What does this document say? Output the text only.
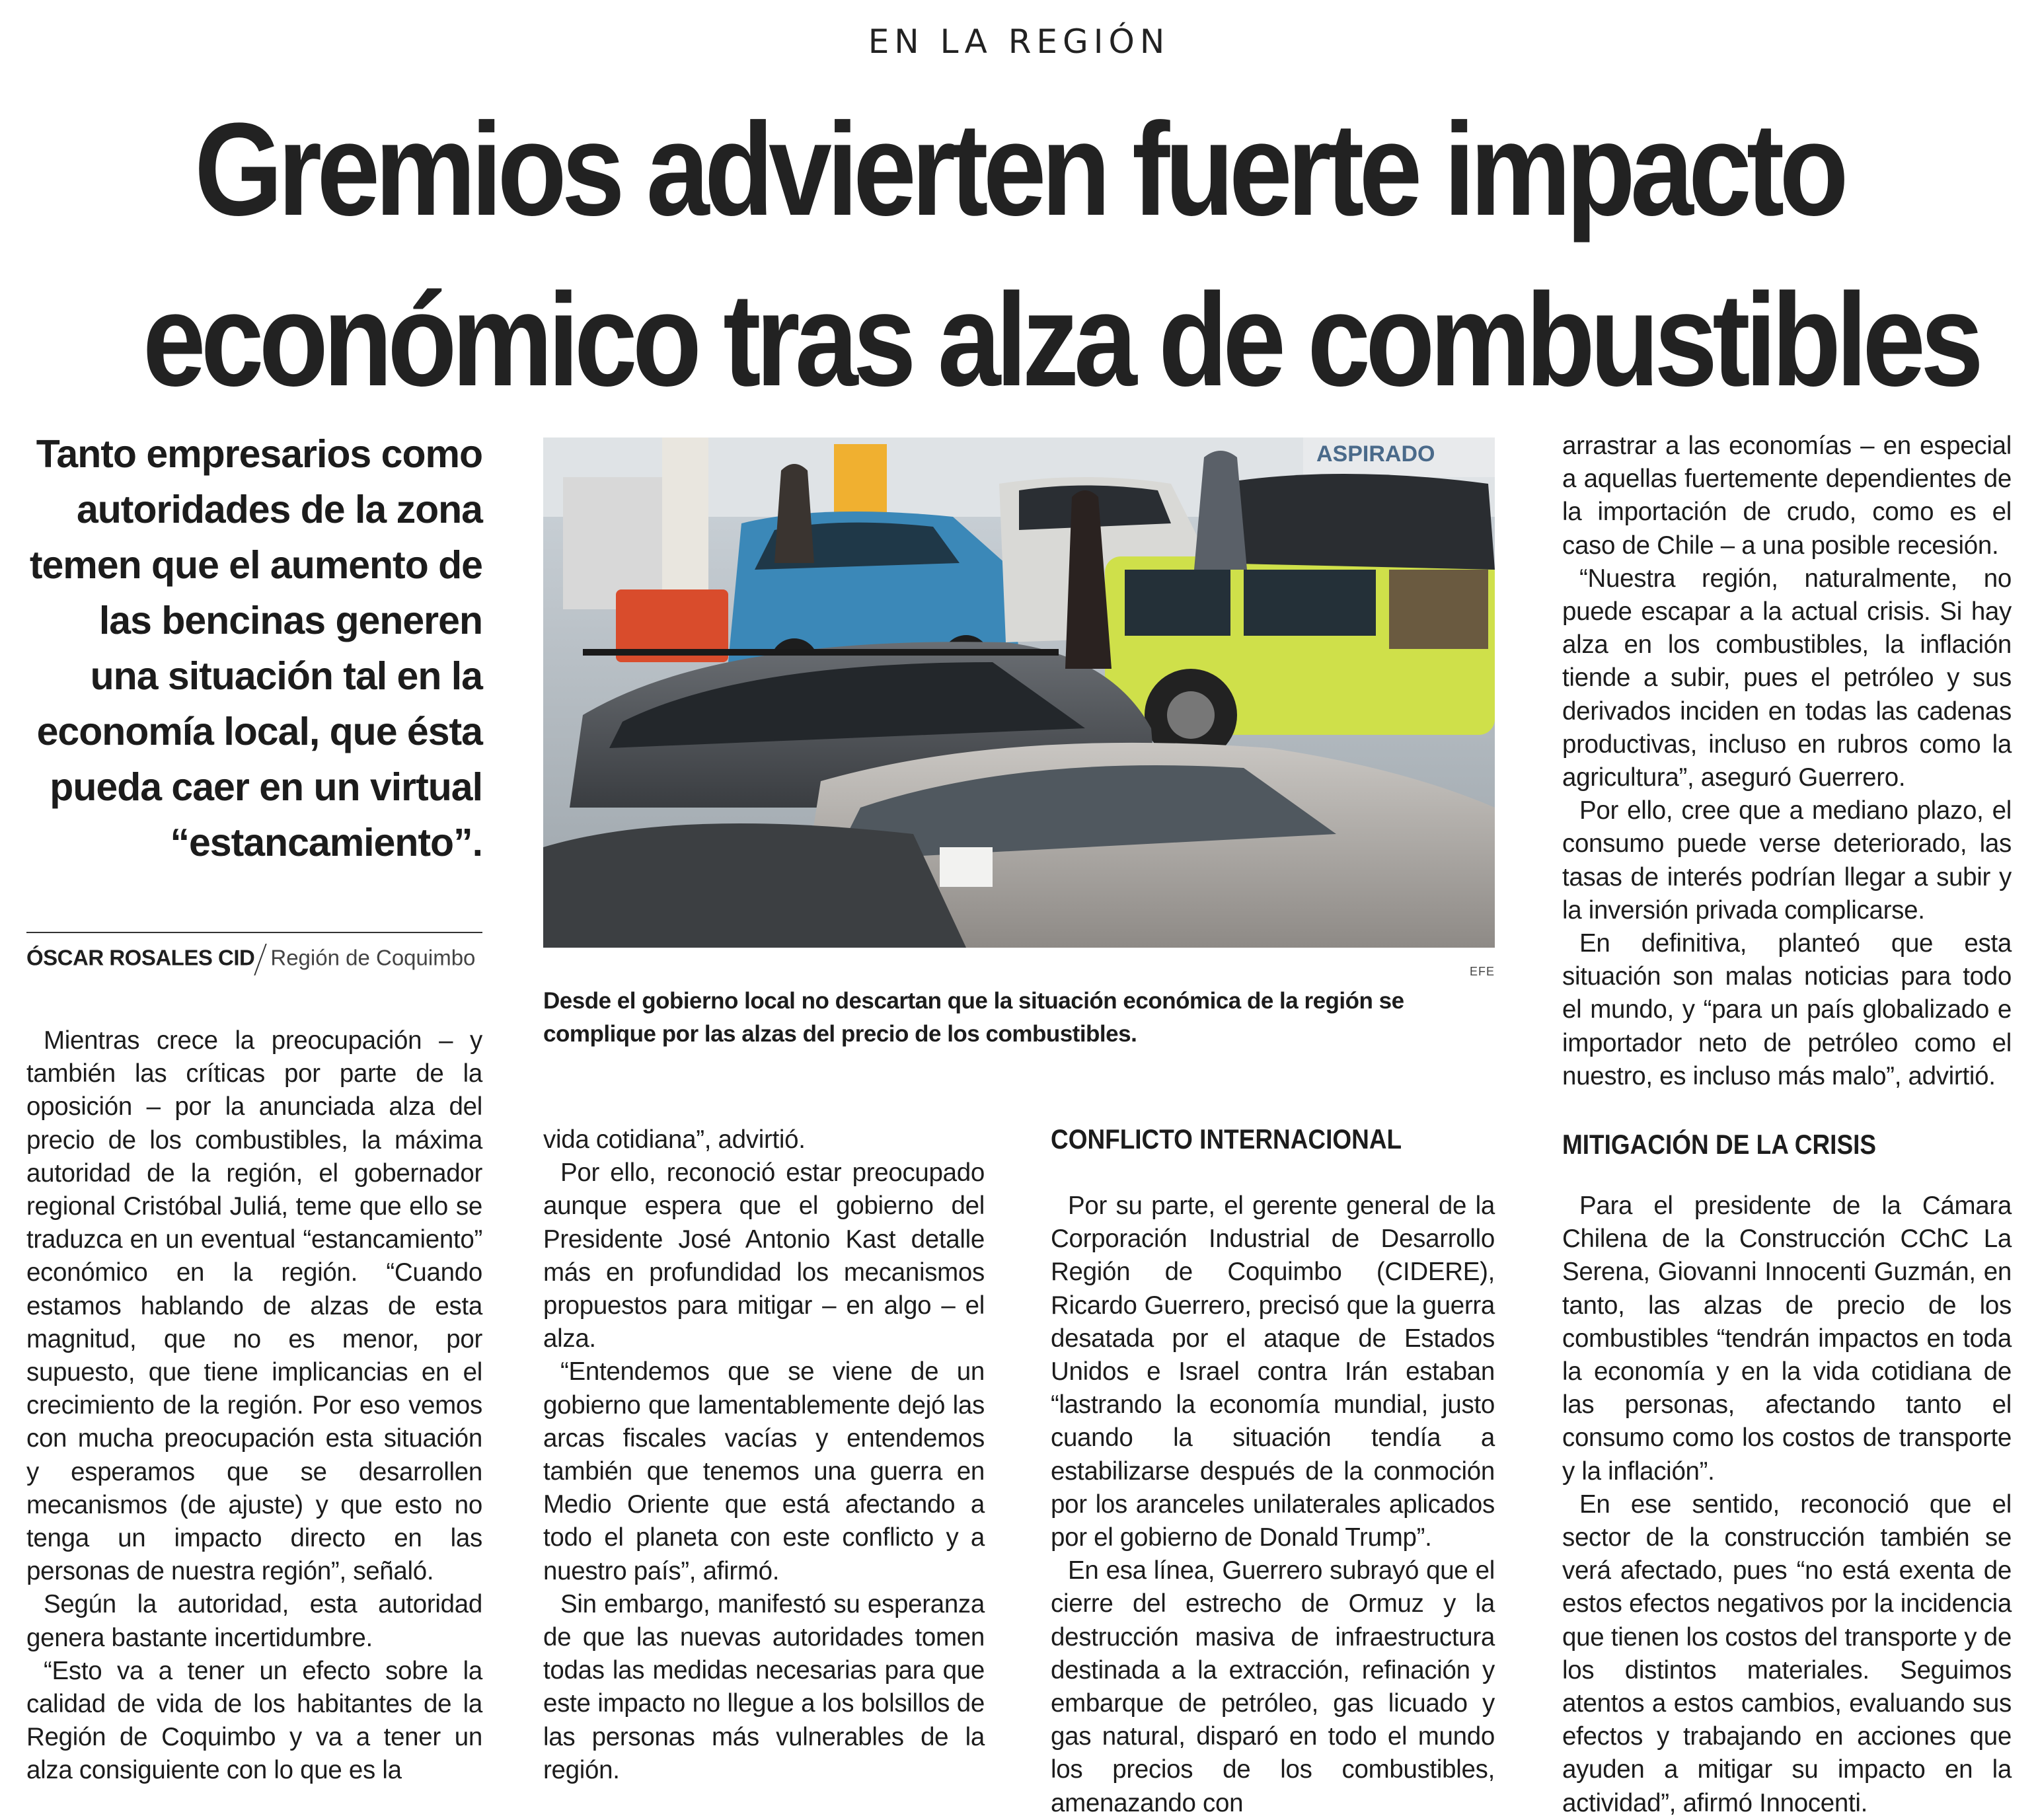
EN LA REGIÓN
Gremios advierten fuerte impacto
económico tras alza de combustibles

Tanto empresarios como autoridades de la zona temen que el aumento de las bencinas generen una situación tal en la economía local, que ésta pueda caer en un virtual “estancamiento”.

ÓSCAR ROSALES CID Región de Coquimbo
ASPIRADO
EFE

Desde el gobierno local no descartan que la situación económica de la región se complique por las alzas del precio de los combustibles.

Mientras crece la preocupación – y también las críticas por parte de la oposición – por la anunciada alza del precio de los combustibles, la máxima autoridad de la región, el gobernador regional Cristóbal Juliá, teme que ello se traduzca en un eventual “estancamiento” económico en la región. “Cuando estamos hablando de alzas de esta magnitud, que no es menor, por supuesto, que tiene implicancias en el crecimiento de la región. Por eso vemos con mucha preocupación esta situación y esperamos que se desarrollen mecanismos (de ajuste) y que esto no tenga un impacto directo en las personas de nuestra región”, señaló.

Según la autoridad, esta autoridad genera bastante incertidumbre.

“Esto va a tener un efecto sobre la calidad de vida de los habitantes de la Región de Coquimbo y va a tener un alza consiguiente con lo que es la

vida cotidiana”, advirtió.

Por ello, reconoció estar preocupado aunque espera que el gobierno del Presidente José Antonio Kast detalle más en profundidad los mecanismos propuestos para mitigar – en algo – el alza.

“Entendemos que se viene de un gobierno que lamentablemente dejó las arcas fiscales vacías y entendemos también que tenemos una guerra en Medio Oriente que está afectando a todo el planeta con este conflicto y a nuestro país”, afirmó.

Sin embargo, manifestó su esperanza de que las nuevas autoridades tomen todas las medidas necesarias para que este impacto no llegue a los bolsillos de las personas más vulnerables de la región.

CONFLICTO INTERNACIONAL

Por su parte, el gerente general de la Corporación Industrial de Desarrollo Región de Coquimbo (CIDERE), Ricardo Guerrero, precisó que la guerra desatada por el ataque de Estados Unidos e Israel contra Irán estaban “lastrando la economía mundial, justo cuando la situación tendía a estabilizarse después de la conmoción por los aranceles unilaterales aplicados por el gobierno de Donald Trump”.

En esa línea, Guerrero subrayó que el cierre del estrecho de Ormuz y la destrucción masiva de infraestructura destinada a la extracción, refinación y embarque de petróleo, gas licuado y gas natural, disparó en todo el mundo los precios de los combustibles, amenazando con

arrastrar a las economías – en especial a aquellas fuertemente dependientes de la importación de crudo, como es el caso de Chile – a una posible recesión.

“Nuestra región, naturalmente, no puede escapar a la actual crisis. Si hay alza en los combustibles, la inflación tiende a subir, pues el petróleo y sus derivados inciden en todas las cadenas productivas, incluso en rubros como la agricultura”, aseguró Guerrero.

Por ello, cree que a mediano plazo, el consumo puede verse deteriorado, las tasas de interés podrían llegar a subir y la inversión privada complicarse.

En definitiva, planteó que esta situación son malas noticias para todo el mundo, y “para un país globalizado e importador neto de petróleo como el nuestro, es incluso más malo”, advirtió.

MITIGACIÓN DE LA CRISIS

Para el presidente de la Cámara Chilena de la Construcción CChC La Serena, Giovanni Innocenti Guzmán, en tanto, las alzas de precio de los combustibles “tendrán impactos en toda la economía y en la vida cotidiana de las personas, afectando tanto el consumo como los costos de transporte y la inflación”.

En ese sentido, reconoció que el sector de la construcción también se verá afectado, pues “no está exenta de estos efectos negativos por la incidencia que tienen los costos del transporte y de los distintos materiales. Seguimos atentos a estos cambios, evaluando sus efectos y trabajando en acciones que ayuden a mitigar su impacto en la actividad”, afirmó Innocenti.
